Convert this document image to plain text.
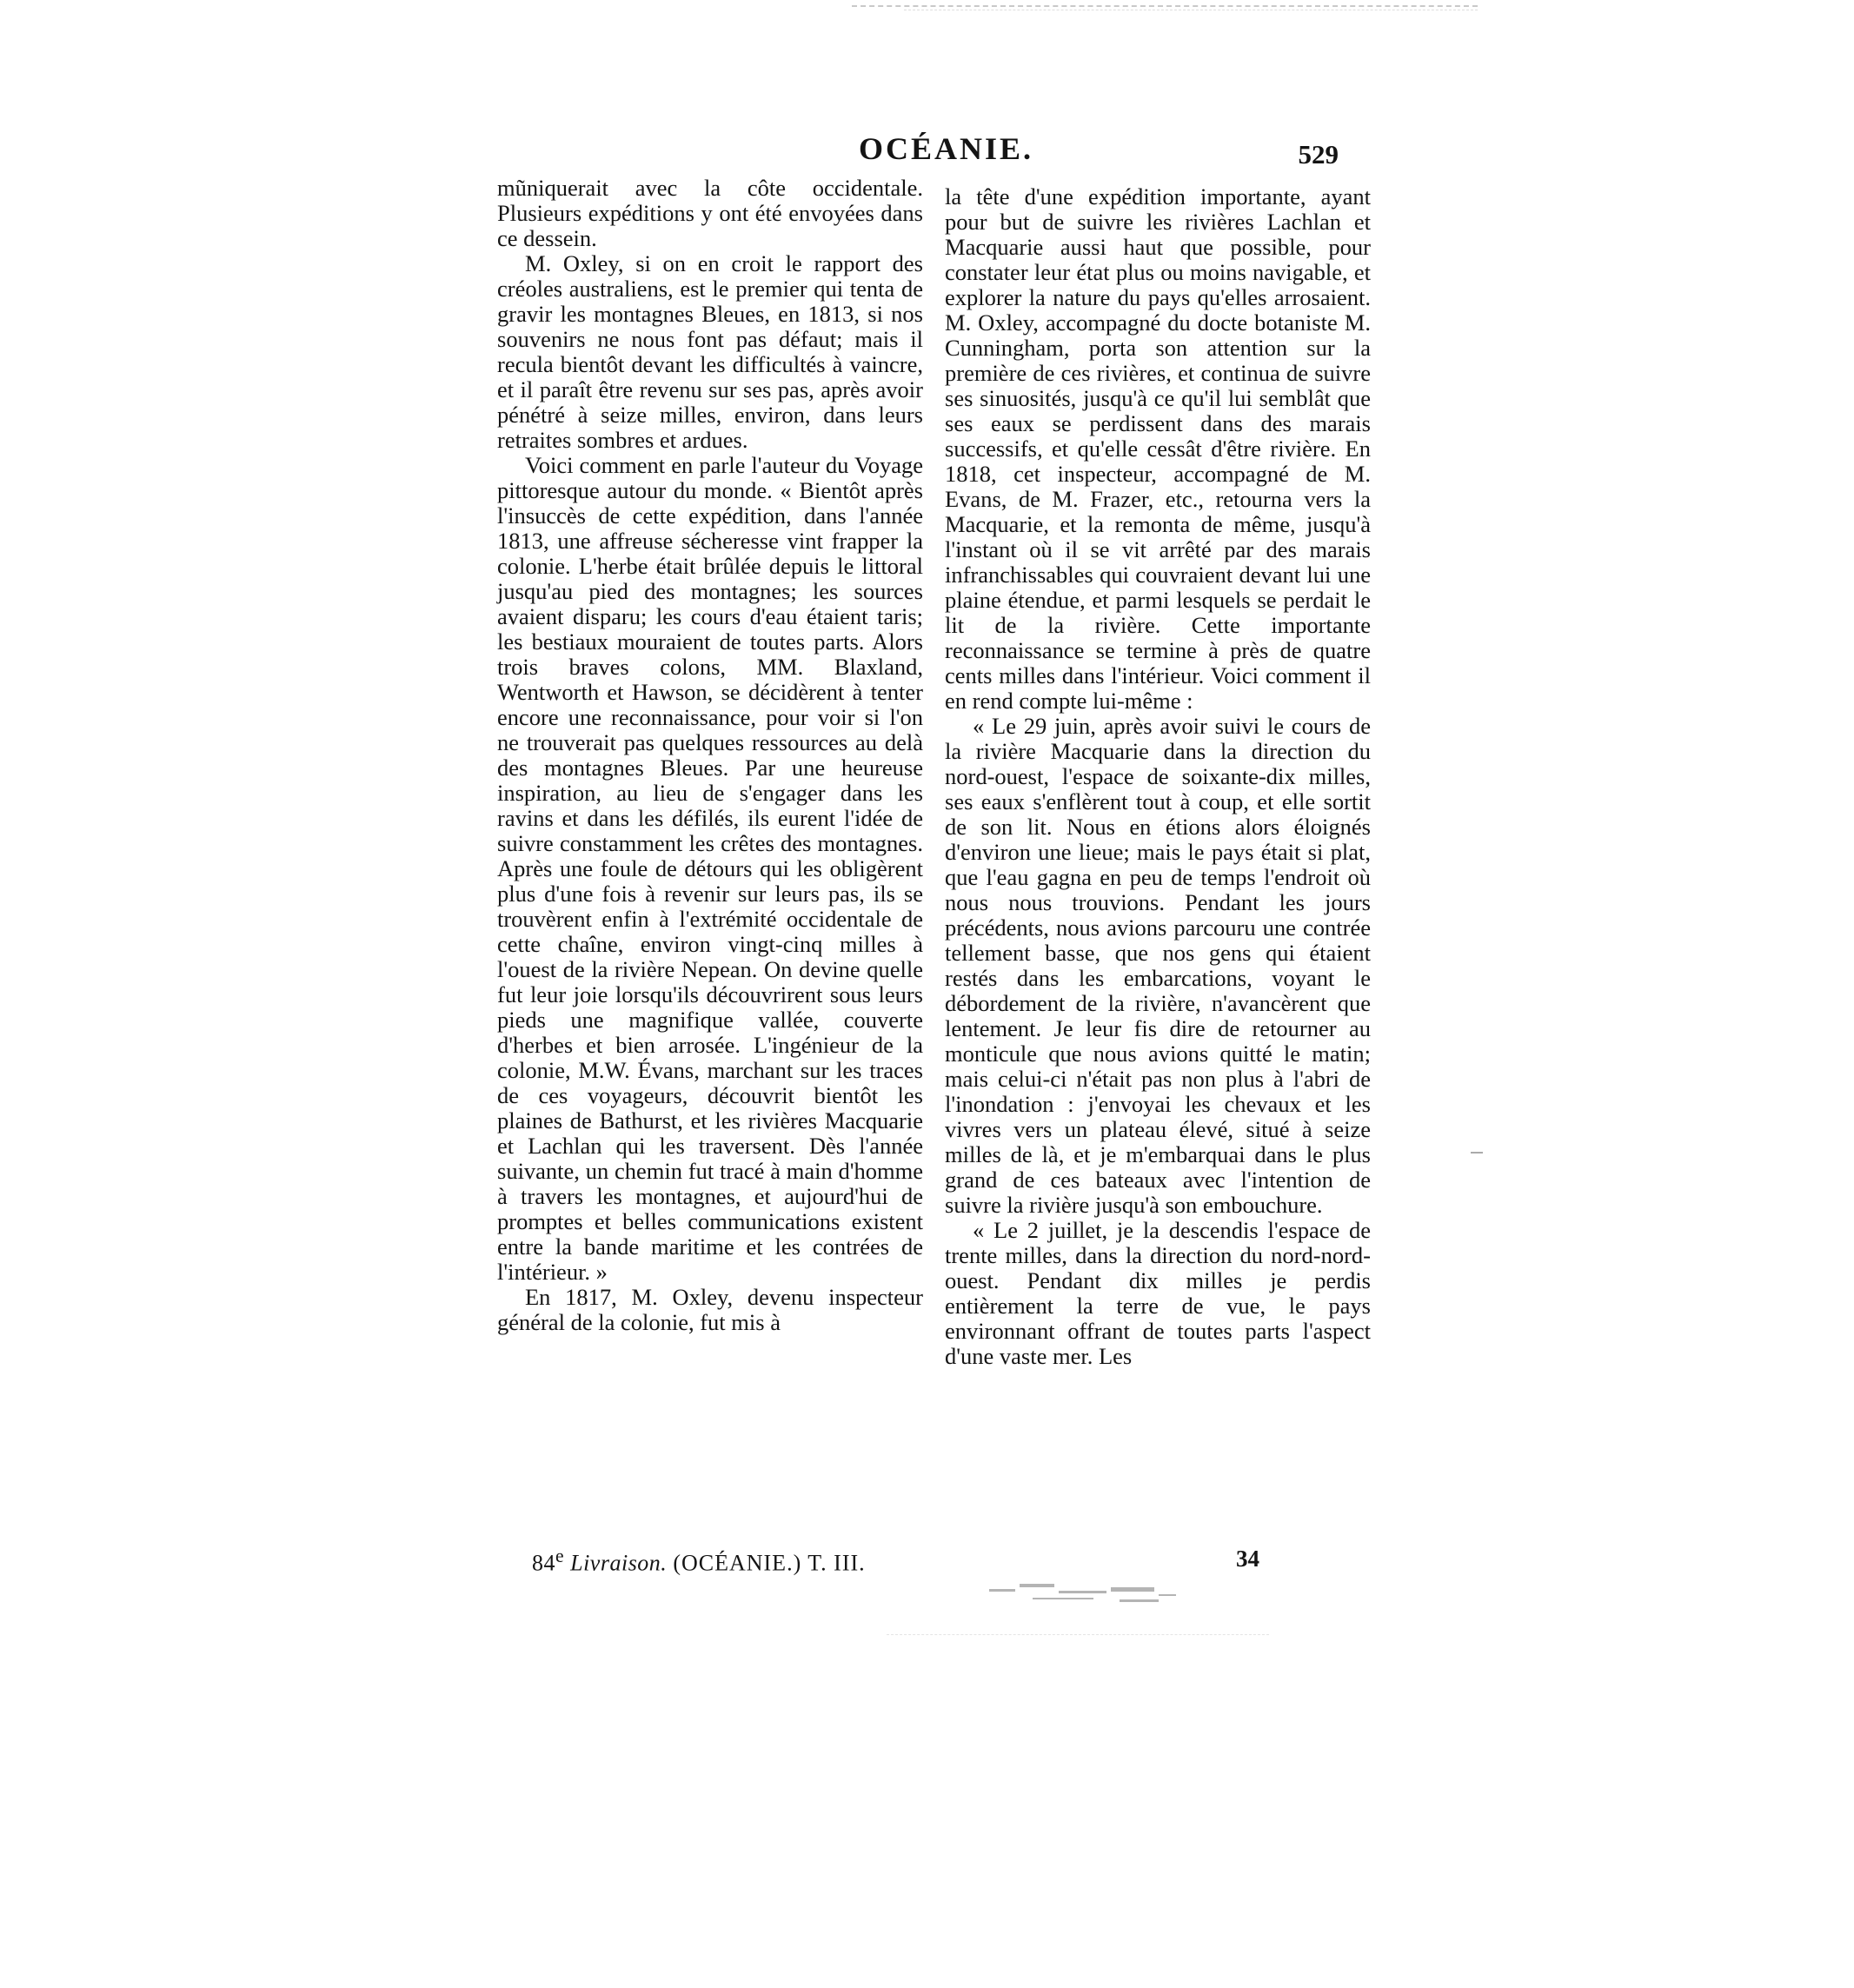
OCÉANIE.	529

mũniquerait avec la côte occidentale. Plusieurs expéditions y ont été envoyées dans ce dessein.

M. Oxley, si on en croit le rapport des créoles australiens, est le premier qui tenta de gravir les montagnes Bleues, en 1813, si nos souvenirs ne nous font pas défaut; mais il recula bientôt devant les difficultés à vaincre, et il paraît être revenu sur ses pas, après avoir pénétré à seize milles, environ, dans leurs retraites sombres et ardues.

Voici comment en parle l'auteur du Voyage pittoresque autour du monde. « Bientôt après l'insuccès de cette expédition, dans l'année 1813, une affreuse sécheresse vint frapper la colonie. L'herbe était brûlée depuis le littoral jusqu'au pied des montagnes; les sources avaient disparu; les cours d'eau étaient taris; les bestiaux mouraient de toutes parts. Alors trois braves colons, MM. Blaxland, Wentworth et Hawson, se décidèrent à tenter encore une reconnaissance, pour voir si l'on ne trouverait pas quelques ressources au delà des montagnes Bleues. Par une heureuse inspiration, au lieu de s'engager dans les ravins et dans les défilés, ils eurent l'idée de suivre constamment les crêtes des montagnes. Après une foule de détours qui les obligèrent plus d'une fois à revenir sur leurs pas, ils se trouvèrent enfin à l'extrémité occidentale de cette chaîne, environ vingt-cinq milles à l'ouest de la rivière Nepean. On devine quelle fut leur joie lorsqu'ils découvrirent sous leurs pieds une magnifique vallée, couverte d'herbes et bien arrosée. L'ingénieur de la colonie, M.W. Évans, marchant sur les traces de ces voyageurs, découvrit bientôt les plaines de Bathurst, et les rivières Macquarie et Lachlan qui les traversent. Dès l'année suivante, un chemin fut tracé à main d'homme à travers les montagnes, et aujourd'hui de promptes et belles communications existent entre la bande maritime et les contrées de l'intérieur. »

En 1817, M. Oxley, devenu inspecteur général de la colonie, fut mis à

la tête d'une expédition importante, ayant pour but de suivre les rivières Lachlan et Macquarie aussi haut que possible, pour constater leur état plus ou moins navigable, et explorer la nature du pays qu'elles arrosaient. M. Oxley, accompagné du docte botaniste M. Cunningham, porta son attention sur la première de ces rivières, et continua de suivre ses sinuosités, jusqu'à ce qu'il lui semblât que ses eaux se perdissent dans des marais successifs, et qu'elle cessât d'être rivière. En 1818, cet inspecteur, accompagné de M. Evans, de M. Frazer, etc., retourna vers la Macquarie, et la remonta de même, jusqu'à l'instant où il se vit arrêté par des marais infranchissables qui couvraient devant lui une plaine étendue, et parmi lesquels se perdait le lit de la rivière. Cette importante reconnaissance se termine à près de quatre cents milles dans l'intérieur. Voici comment il en rend compte lui-même :

« Le 29 juin, après avoir suivi le cours de la rivière Macquarie dans la direction du nord-ouest, l'espace de soixante-dix milles, ses eaux s'enflèrent tout à coup, et elle sortit de son lit. Nous en étions alors éloignés d'environ une lieue; mais le pays était si plat, que l'eau gagna en peu de temps l'endroit où nous nous trouvions. Pendant les jours précédents, nous avions parcouru une contrée tellement basse, que nos gens qui étaient restés dans les embarcations, voyant le débordement de la rivière, n'avancèrent que lentement. Je leur fis dire de retourner au monticule que nous avions quitté le matin; mais celui-ci n'était pas non plus à l'abri de l'inondation : j'envoyai les chevaux et les vivres vers un plateau élevé, situé à seize milles de là, et je m'embarquai dans le plus grand de ces bateaux avec l'intention de suivre la rivière jusqu'à son embouchure.

« Le 2 juillet, je la descendis l'espace de trente milles, dans la direction du nord-nord-ouest. Pendant dix milles je perdis entièrement la terre de vue, le pays environnant offrant de toutes parts l'aspect d'une vaste mer. Les

84e Livraison. (OCÉANIE.) T. III.	34
